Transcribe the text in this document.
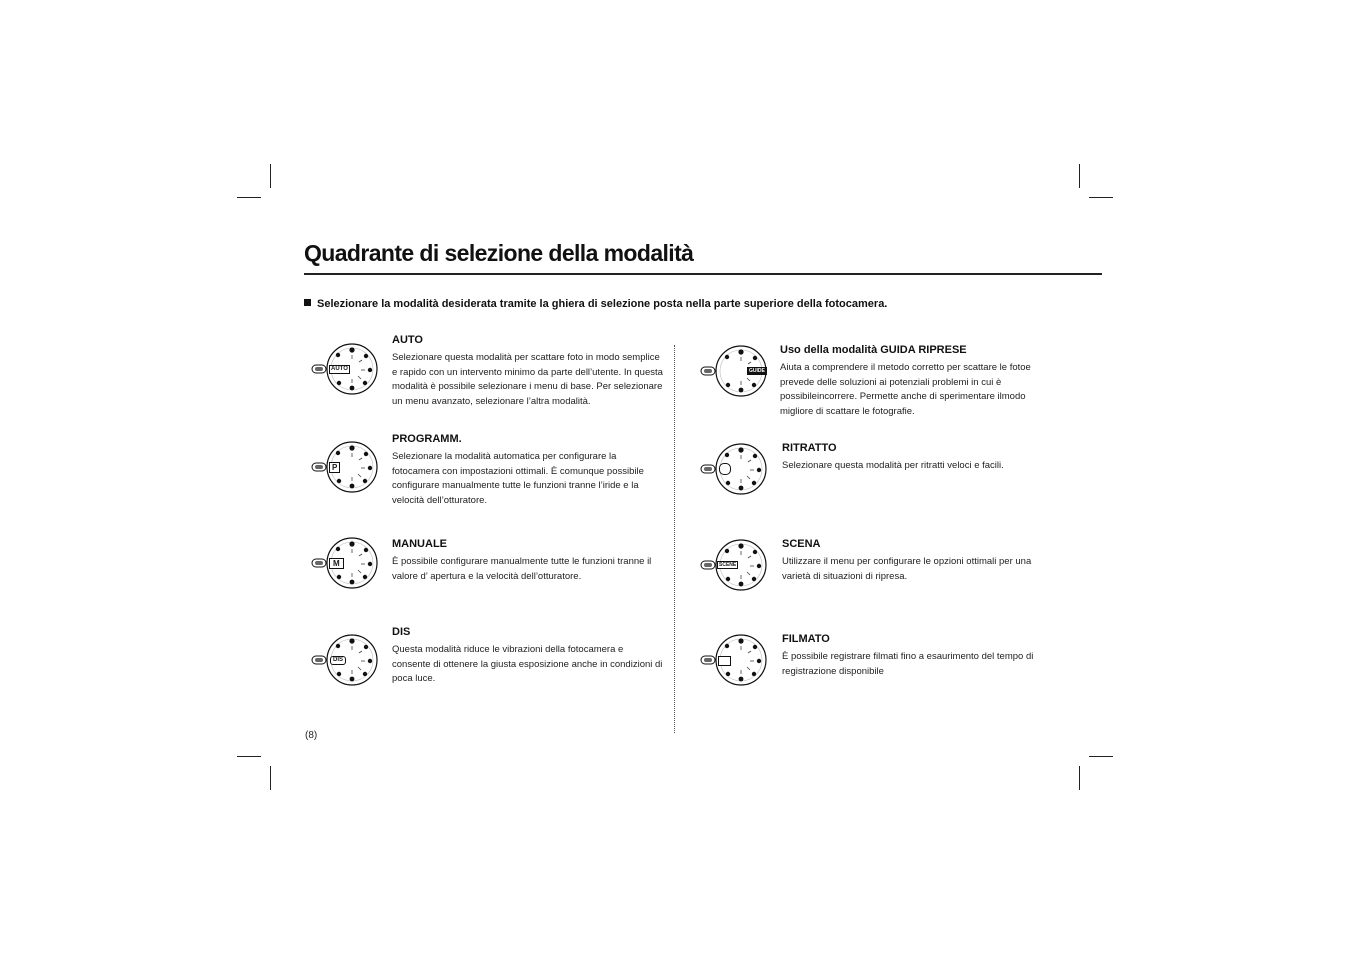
Quadrante di selezione della modalità
Selezionare la modalità desiderata tramite la ghiera di selezione posta nella parte superiore della fotocamera.
AUTO
AUTO

Selezionare questa modalità per scattare foto in modo semplice e rapido con un intervento minimo da parte dell’utente. In questa modalità è possibile selezionare i menu di base. Per selezionare un menu avanzato, selezionare l’altra modalità.

P
PROGRAMM.

Selezionare la modalità automatica per configurare la fotocamera con impostazioni ottimali. È comunque possibile configurare manualmente tutte le funzioni tranne l’iride e la velocità dell’otturatore.

M
MANUALE

È possibile configurare manualmente tutte le funzioni tranne il valore d’ apertura e la velocità dell’otturatore.

DIS
DIS

Questa modalità riduce le vibrazioni della fotocamera e consente di ottenere la giusta esposizione anche in condizioni di poca luce.

GUIDE
Uso della modalità GUIDA RIPRESE

Aiuta a comprendere il metodo corretto per scattare le fotoe prevede delle soluzioni ai potenziali problemi in cui è possibileincorrere. Permette anche di sperimentare ilmodo migliore di scattare le fotografie.

RITRATTO

Selezionare questa modalità per ritratti veloci e facili.

SCENE
SCENA

Utilizzare il menu per configurare le opzioni ottimali per una varietà di situazioni di ripresa.

FILMATO

È possibile registrare filmati fino a esaurimento del tempo di registrazione disponibile

(8)
